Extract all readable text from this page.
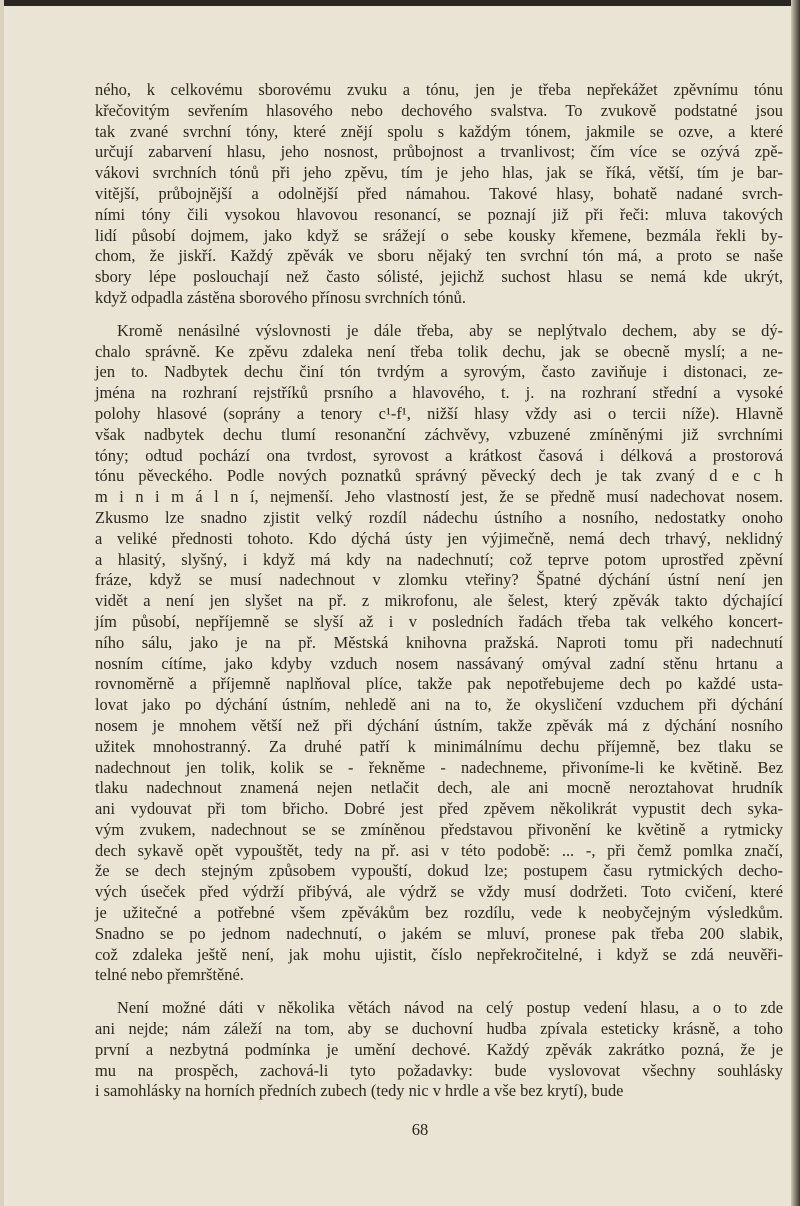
ného, k celkovému sborovému zvuku a tónu, jen je třeba nepřekážet zpěvnímu tónu
křečovitým sevřením hlasového nebo dechového svalstva. To zvukově podstatné jsou
tak zvané svrchní tóny, které znějí spolu s každým tónem, jakmile se ozve, a které
určují zabarvení hlasu, jeho nosnost, průbojnost a trvanlivost; čím více se ozývá zpě-
vákovi svrchních tónů při jeho zpěvu, tím je jeho hlas, jak se říká, větší, tím je bar-
vitější, průbojnější a odolnější před námahou. Takové hlasy, bohatě nadané svrch-
ními tóny čili vysokou hlavovou resonancí, se poznají již při řeči: mluva takových
lidí působí dojmem, jako když se srážejí o sebe kousky křemene, bezmála řekli by-
chom, že jiskří. Každý zpěvák ve sboru nějaký ten svrchní tón má, a proto se naše
sbory lépe poslouchají než často sólisté, jejichž suchost hlasu se nemá kde ukrýt,
když odpadla zástěna sborového přínosu svrchních tónů.
Kromě nenásilné výslovnosti je dále třeba, aby se neplýtvalo dechem, aby se dý-
chalo správně. Ke zpěvu zdaleka není třeba tolik dechu, jak se obecně myslí; a ne-
jen to. Nadbytek dechu činí tón tvrdým a syrovým, často zaviňuje i distonaci, ze-
jména na rozhraní rejstříků prsního a hlavového, t. j. na rozhraní střední a vysoké
polohy hlasové (soprány a tenory c¹-f¹, nižší hlasy vždy asi o tercii níže). Hlavně
však nadbytek dechu tlumí resonanční záchvěvy, vzbuzené zmíněnými již svrchními
tóny; odtud pochází ona tvrdost, syrovost a krátkost časová i délková a prostorová
tónu pěveckého. Podle nových poznatků správný pěvecký dech je tak zvaný d e c h
m i n i m á l n í, nejmenší. Jeho vlastností jest, že se předně musí nadechovat nosem.
Zkusmo lze snadno zjistit velký rozdíl nádechu ústního a nosního, nedostatky onoho
a veliké přednosti tohoto. Kdo dýchá ústy jen výjimečně, nemá dech trhavý, neklidný
a hlasitý, slyšný, i když má kdy na nadechnutí; což teprve potom uprostřed zpěvní
fráze, když se musí nadechnout v zlomku vteřiny? Špatné dýchání ústní není jen
vidět a není jen slyšet na př. z mikrofonu, ale šelest, který zpěvák takto dýchající
jím působí, nepříjemně se slyší až i v posledních řadách třeba tak velkého koncert-
ního sálu, jako je na př. Městská knihovna pražská. Naproti tomu při nadechnutí
nosním cítíme, jako kdyby vzduch nosem nassávaný omýval zadní stěnu hrtanu a
rovnoměrně a příjemně naplňoval plíce, takže pak nepotřebujeme dech po každé usta-
lovat jako po dýchání ústním, nehledě ani na to, že okysličení vzduchem při dýchání
nosem je mnohem větší než při dýchání ústním, takže zpěvák má z dýchání nosního
užitek mnohostranný. Za druhé patří k minimálnímu dechu příjemně, bez tlaku se
nadechnout jen tolik, kolik se - řekněme - nadechneme, přivoníme-li ke květině. Bez
tlaku nadechnout znamená nejen netlačit dech, ale ani mocně neroztahovat hrudník
ani vydouvat při tom břicho. Dobré jest před zpěvem několikrát vypustit dech syka-
vým zvukem, nadechnout se se zmíněnou představou přivonění ke květině a rytmicky
dech sykavě opět vypouštět, tedy na př. asi v této podobě: ... -, při čemž pomlka značí,
že se dech stejným způsobem vypouští, dokud lze; postupem času rytmických decho-
vých úseček před výdrží přibývá, ale výdrž se vždy musí dodržeti. Toto cvičení, které
je užitečné a potřebné všem zpěvákům bez rozdílu, vede k neobyčejným výsledkům.
Snadno se po jednom nadechnutí, o jakém se mluví, pronese pak třeba 200 slabik,
což zdaleka ještě není, jak mohu ujistit, číslo nepřekročitelné, i když se zdá neuvěři-
telné nebo přemrštěné.
Není možné dáti v několika větách návod na celý postup vedení hlasu, a o to zde
ani nejde; nám záleží na tom, aby se duchovní hudba zpívala esteticky krásně, a toho
první a nezbytná podmínka je umění dechové. Každý zpěvák zakrátko pozná, že je
mu na prospěch, zachová-li tyto požadavky: bude vyslovovat všechny souhlásky
i samohlásky na horních předních zubech (tedy nic v hrdle a vše bez krytí), bude
68
